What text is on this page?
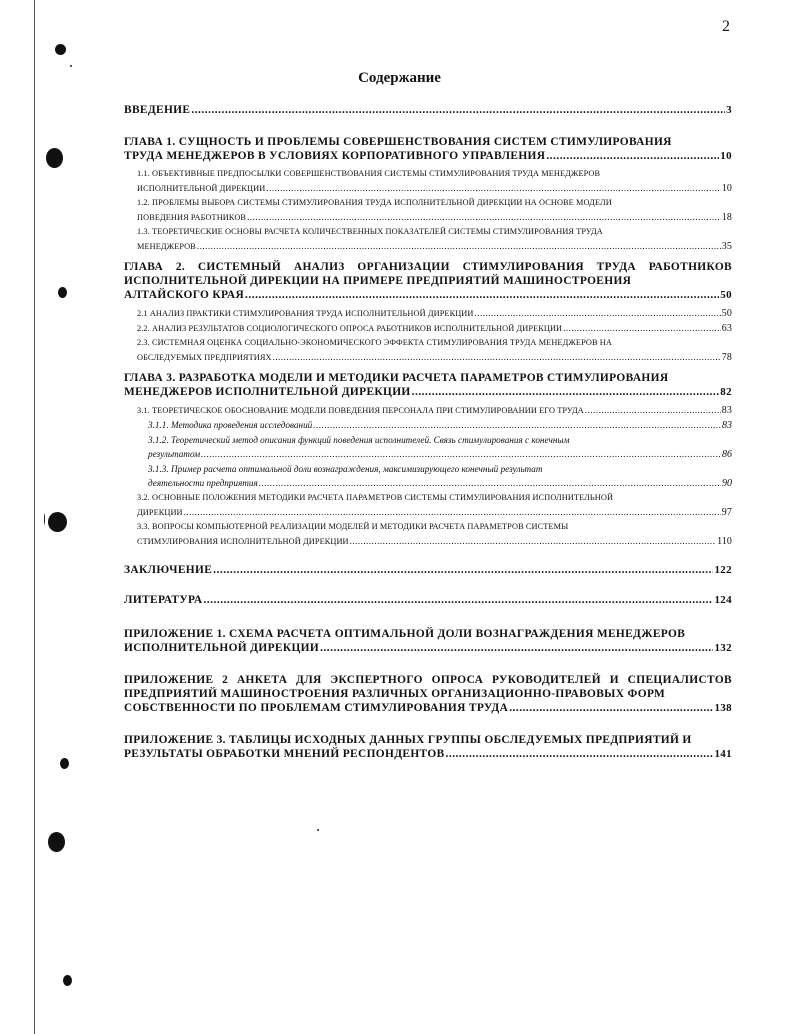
2
Содержание
ВВЕДЕНИЕ .....	3
ГЛАВА 1. СУЩНОСТЬ И ПРОБЛЕМЫ СОВЕРШЕНСТВОВАНИЯ СИСТЕМ СТИМУЛИРОВАНИЯ
ТРУДА МЕНЕДЖЕРОВ В УСЛОВИЯХ КОРПОРАТИВНОГО УПРАВЛЕНИЯ .....	10
1.1. ОБЪЕКТИВНЫЕ ПРЕДПОСЫЛКИ СОВЕРШЕНСТВОВАНИЯ СИСТЕМЫ СТИМУЛИРОВАНИЯ ТРУДА МЕНЕДЖЕРОВ
ИСПОЛНИТЕЛЬНОЙ ДИРЕКЦИИ .....	10
1.2. ПРОБЛЕМЫ ВЫБОРА СИСТЕМЫ СТИМУЛИРОВАНИЯ ТРУДА ИСПОЛНИТЕЛЬНОЙ ДИРЕКЦИИ НА ОСНОВЕ МОДЕЛИ
ПОВЕДЕНИЯ РАБОТНИКОВ .....	18
1.3. ТЕОРЕТИЧЕСКИЕ ОСНОВЫ РАСЧЕТА КОЛИЧЕСТВЕННЫХ ПОКАЗАТЕЛЕЙ СИСТЕМЫ СТИМУЛИРОВАНИЯ ТРУДА
МЕНЕДЖЕРОВ .....	35
ГЛАВА 2. СИСТЕМНЫЙ АНАЛИЗ ОРГАНИЗАЦИИ СТИМУЛИРОВАНИЯ ТРУДА РАБОТНИКОВ ИСПОЛНИТЕЛЬНОЙ ДИРЕКЦИИ НА ПРИМЕРЕ ПРЕДПРИЯТИЙ МАШИНОСТРОЕНИЯ
АЛТАЙСКОГО КРАЯ .....	50
2.1 АНАЛИЗ ПРАКТИКИ СТИМУЛИРОВАНИЯ ТРУДА ИСПОЛНИТЕЛЬНОЙ ДИРЕКЦИИ .....	50
2.2. АНАЛИЗ РЕЗУЛЬТАТОВ СОЦИОЛОГИЧЕСКОГО ОПРОСА РАБОТНИКОВ ИСПОЛНИТЕЛЬНОЙ ДИРЕКЦИИ .....	63
2.3. СИСТЕМНАЯ ОЦЕНКА СОЦИАЛЬНО-ЭКОНОМИЧЕСКОГО ЭФФЕКТА СТИМУЛИРОВАНИЯ ТРУДА МЕНЕДЖЕРОВ НА
ОБСЛЕДУЕМЫХ ПРЕДПРИЯТИЯХ .....	78
ГЛАВА 3. РАЗРАБОТКА МОДЕЛИ И МЕТОДИКИ РАСЧЕТА ПАРАМЕТРОВ СТИМУЛИРОВАНИЯ
МЕНЕДЖЕРОВ ИСПОЛНИТЕЛЬНОЙ ДИРЕКЦИИ .....	82
3.1. ТЕОРЕТИЧЕСКОЕ ОБОСНОВАНИЕ МОДЕЛИ ПОВЕДЕНИЯ ПЕРСОНАЛА ПРИ СТИМУЛИРОВАНИИ ЕГО ТРУДА .....	83
3.1.1. Методика проведения исследований .....	83
3.1.2. Теоретический метод описания функций поведения исполнителей. Связь стимулирования с конечным
результатом .....	86
3.1.3. Пример расчета оптимальной доли вознаграждения, максимизирующего конечный результат
деятельности предприятия .....	90
3.2. ОСНОВНЫЕ ПОЛОЖЕНИЯ МЕТОДИКИ РАСЧЕТА ПАРАМЕТРОВ СИСТЕМЫ СТИМУЛИРОВАНИЯ ИСПОЛНИТЕЛЬНОЙ
ДИРЕКЦИИ .....	97
3.3. ВОПРОСЫ КОМПЬЮТЕРНОЙ РЕАЛИЗАЦИИ МОДЕЛЕЙ И МЕТОДИКИ РАСЧЕТА ПАРАМЕТРОВ СИСТЕМЫ
СТИМУЛИРОВАНИЯ ИСПОЛНИТЕЛЬНОЙ ДИРЕКЦИИ .....	110
ЗАКЛЮЧЕНИЕ .....	122
ЛИТЕРАТУРА .....	124
ПРИЛОЖЕНИЕ 1. СХЕМА РАСЧЕТА ОПТИМАЛЬНОЙ ДОЛИ ВОЗНАГРАЖДЕНИЯ МЕНЕДЖЕРОВ
ИСПОЛНИТЕЛЬНОЙ ДИРЕКЦИИ .....	132
ПРИЛОЖЕНИЕ 2 АНКЕТА ДЛЯ ЭКСПЕРТНОГО ОПРОСА РУКОВОДИТЕЛЕЙ И СПЕЦИАЛИСТОВ ПРЕДПРИЯТИЙ МАШИНОСТРОЕНИЯ РАЗЛИЧНЫХ ОРГАНИЗАЦИОННО-ПРАВОВЫХ ФОРМ
СОБСТВЕННОСТИ ПО ПРОБЛЕМАМ СТИМУЛИРОВАНИЯ ТРУДА .....	138
ПРИЛОЖЕНИЕ 3. ТАБЛИЦЫ ИСХОДНЫХ ДАННЫХ ГРУППЫ ОБСЛЕДУЕМЫХ ПРЕДПРИЯТИЙ И
РЕЗУЛЬТАТЫ ОБРАБОТКИ МНЕНИЙ РЕСПОНДЕНТОВ .....	141
